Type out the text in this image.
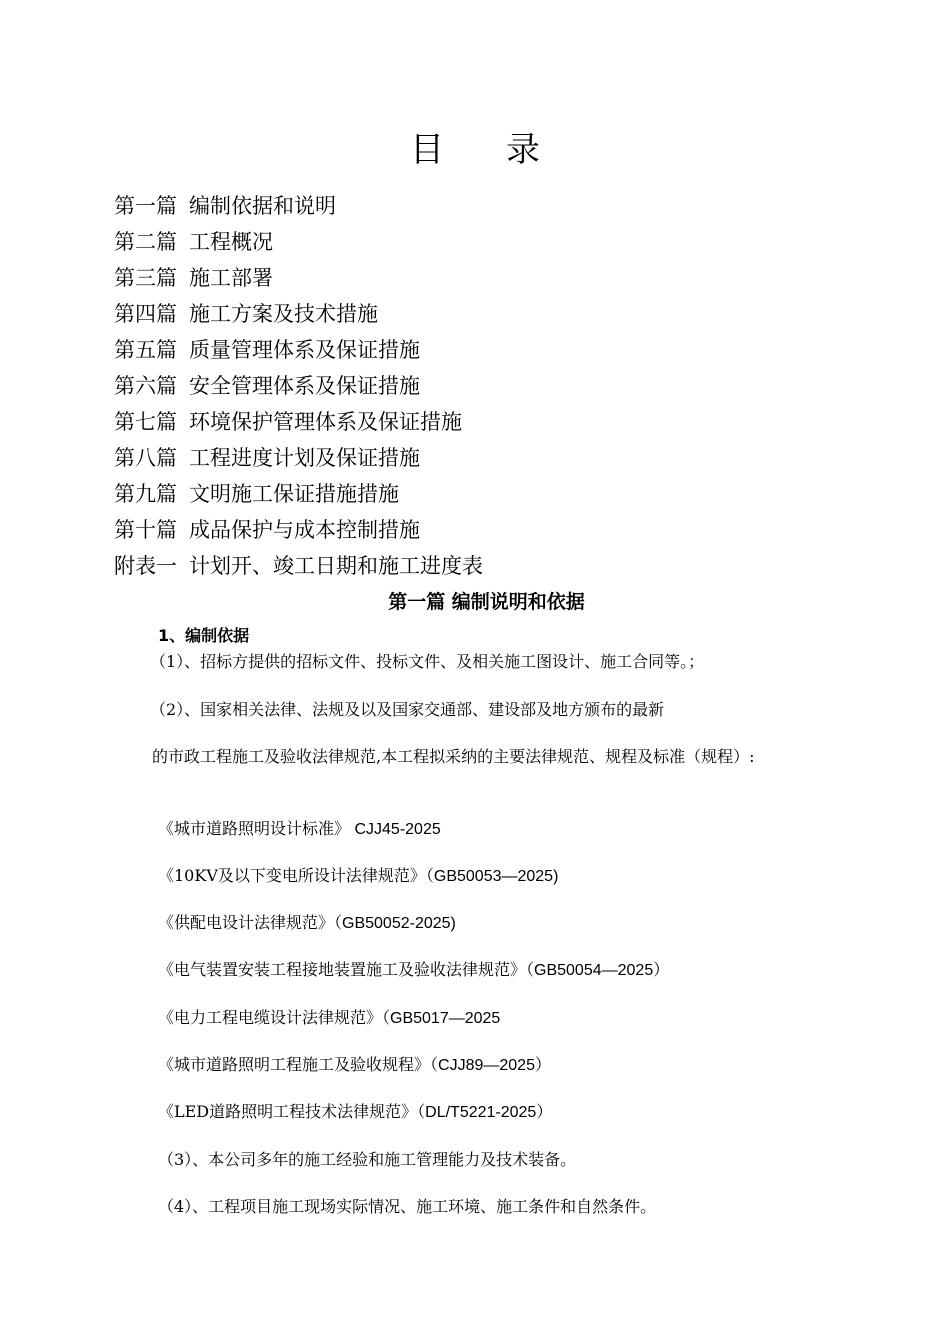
目录
第一篇 编制依据和说明
第二篇 工程概况
第三篇 施工部署
第四篇 施工方案及技术措施
第五篇 质量管理体系及保证措施
第六篇 安全管理体系及保证措施
第七篇 环境保护管理体系及保证措施
第八篇 工程进度计划及保证措施
第九篇 文明施工保证措施措施
第十篇 成品保护与成本控制措施
附表一 计划开、竣工日期和施工进度表
第一篇 编制说明和依据
1、编制依据
（1）、招标方提供的招标文件、投标文件、及相关施工图设计、施工合同等。；
（2）、国家相关法律、法规及以及国家交通部、建设部及地方颁布的最新
的市政工程施工及验收法律规范,本工程拟采纳的主要法律规范、规程及标准（规程）:
《城市道路照明设计标准》 CJJ45-2025
《10KV及以下变电所设计法律规范》（GB50053—2025)
《供配电设计法律规范》（GB50052-2025)
《电气装置安装工程接地装置施工及验收法律规范》（GB50054—2025）
《电力工程电缆设计法律规范》（GB5017—2025
《城市道路照明工程施工及验收规程》（CJJ89—2025）
《LED道路照明工程技术法律规范》（DL/T5221-2025）
（3）、本公司多年的施工经验和施工管理能力及技术装备。
（4）、工程项目施工现场实际情况、施工环境、施工条件和自然条件。
